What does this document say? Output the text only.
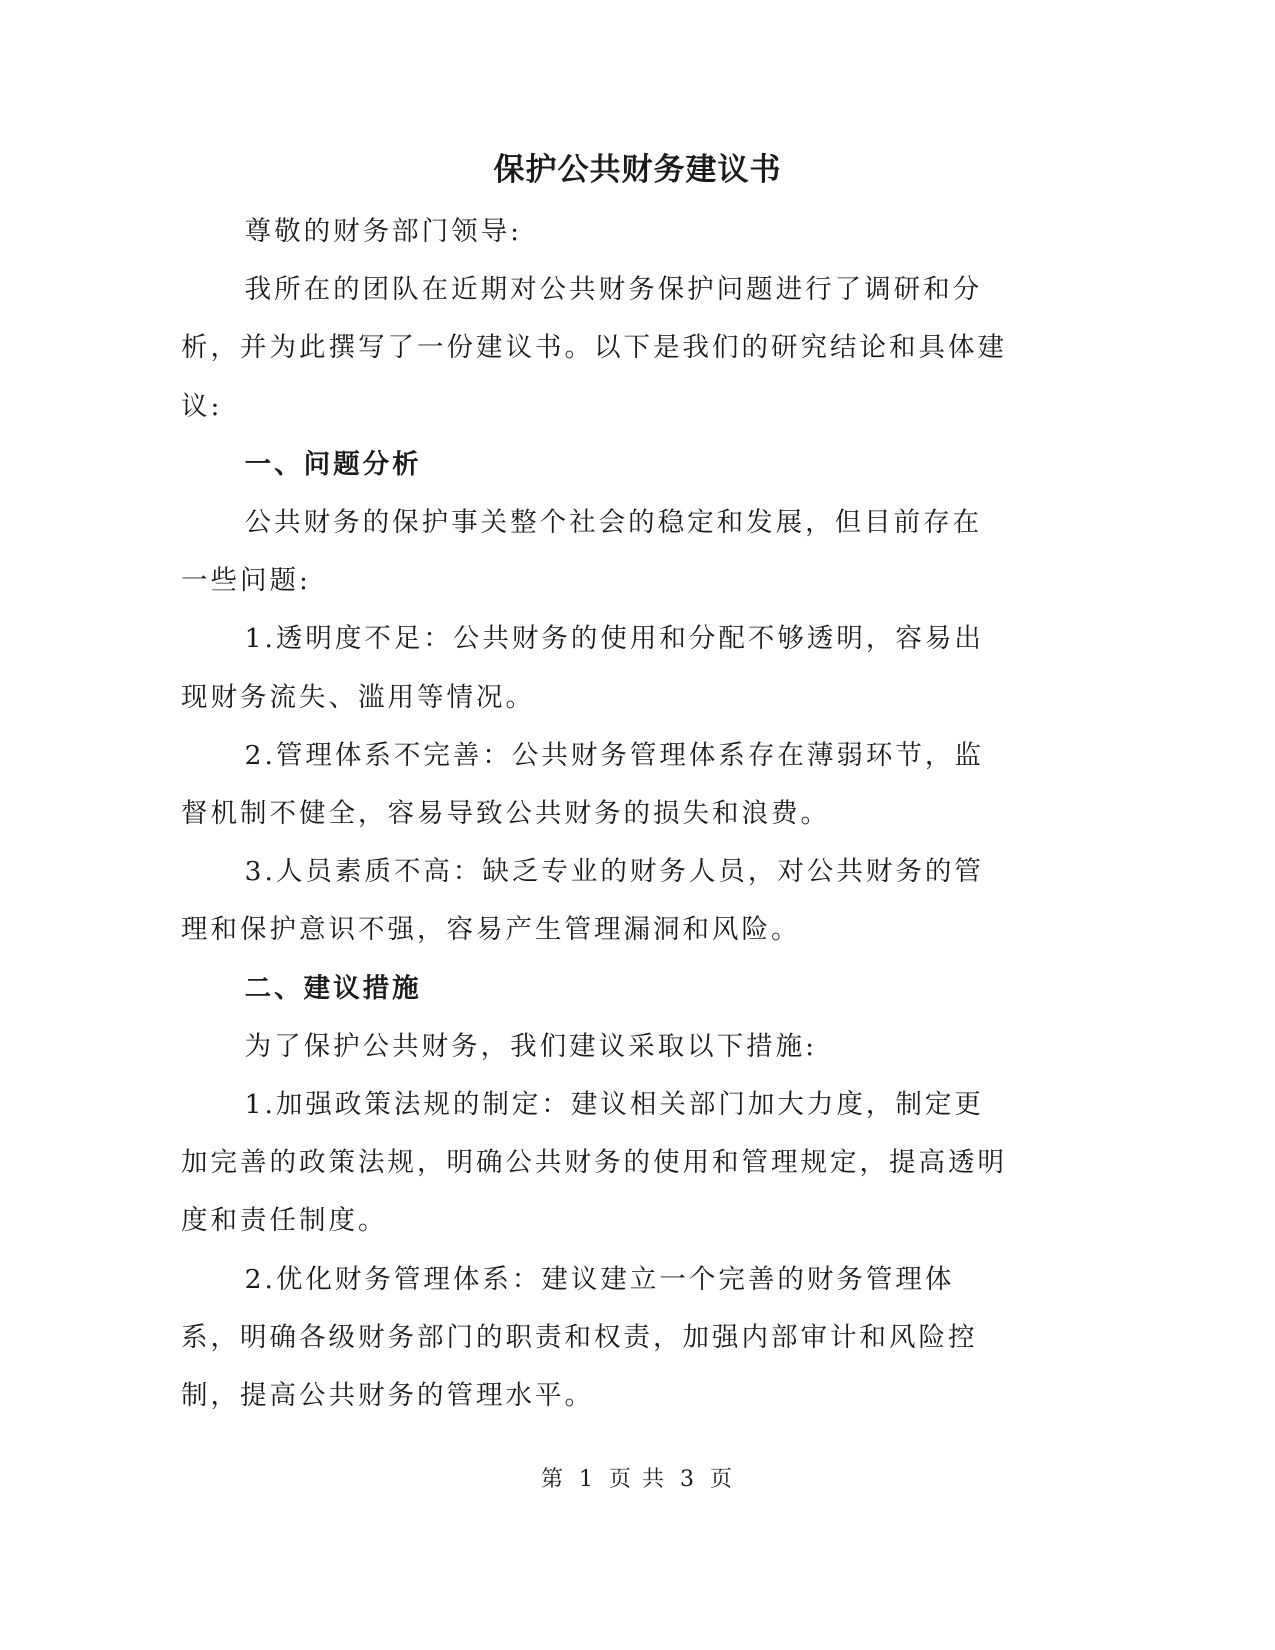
保护公共财务建议书

尊敬的财务部门领导:

我所在的团队在近期对公共财务保护问题进行了调研和分析，并为此撰写了一份建议书。以下是我们的研究结论和具体建议:

一、问题分析

公共财务的保护事关整个社会的稳定和发展，但目前存在一些问题:

1.透明度不足：公共财务的使用和分配不够透明，容易出现财务流失、滥用等情况。

2.管理体系不完善：公共财务管理体系存在薄弱环节，监督机制不健全，容易导致公共财务的损失和浪费。

3.人员素质不高：缺乏专业的财务人员，对公共财务的管理和保护意识不强，容易产生管理漏洞和风险。

二、建议措施

为了保护公共财务，我们建议采取以下措施:

1.加强政策法规的制定：建议相关部门加大力度，制定更加完善的政策法规，明确公共财务的使用和管理规定，提高透明度和责任制度。

2.优化财务管理体系：建议建立一个完善的财务管理体系，明确各级财务部门的职责和权责，加强内部审计和风险控制，提高公共财务的管理水平。

第 1 页 共 3 页
